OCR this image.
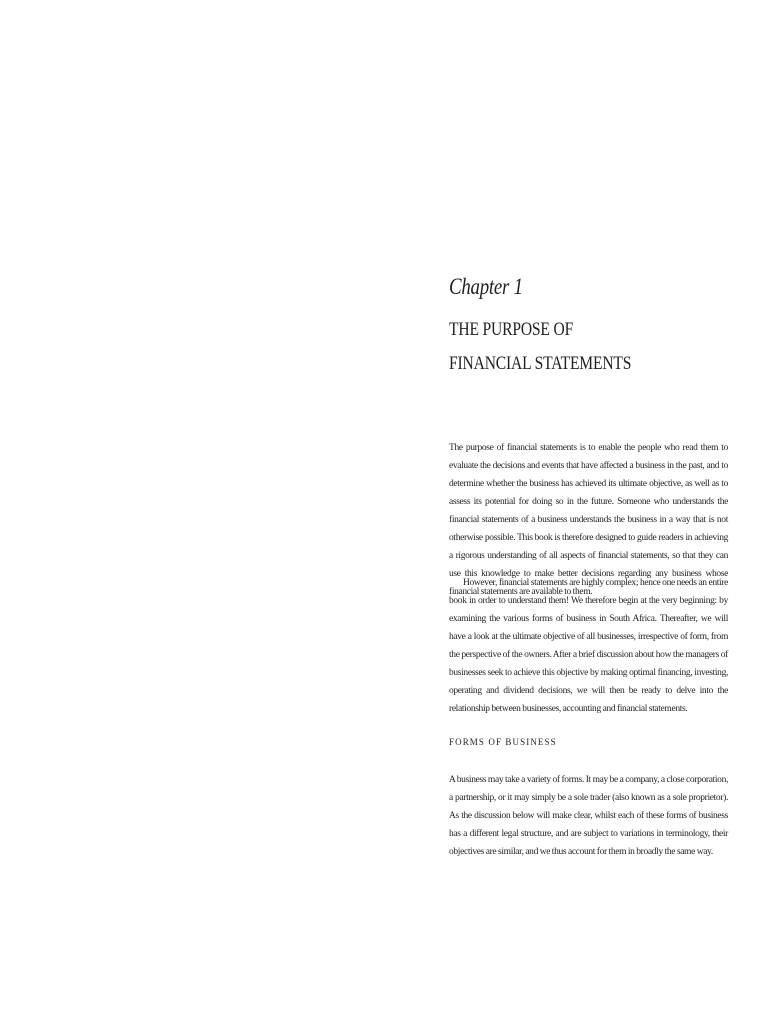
Chapter 1
THE PURPOSE OF
FINANCIAL STATEMENTS

The purpose of financial statements is to enable the people who read them to evaluate the decisions and events that have affected a business in the past, and to determine whether the business has achieved its ultimate objective, as well as to assess its potential for doing so in the future. Someone who understands the financial statements of a business understands the business in a way that is not otherwise possible. This book is therefore designed to guide readers in achieving a rigorous understanding of all aspects of financial statements, so that they can use this knowledge to make better decisions regarding any business whose financial statements are available to them.

However, financial statements are highly complex; hence one needs an entire book in order to understand them! We therefore begin at the very beginning: by examining the various forms of business in South Africa. Thereafter, we will have a look at the ultimate objective of all businesses, irrespective of form, from the perspective of the owners. After a brief discussion about how the managers of businesses seek to achieve this objective by making optimal financing, investing, operating and dividend decisions, we will then be ready to delve into the relationship between businesses, accounting and financial statements.

FORMS OF BUSINESS

A business may take a variety of forms. It may be a company, a close corporation, a partnership, or it may simply be a sole trader (also known as a sole proprietor). As the discussion below will make clear, whilst each of these forms of business has a different legal structure, and are subject to variations in terminology, their objectives are similar, and we thus account for them in broadly the same way.
